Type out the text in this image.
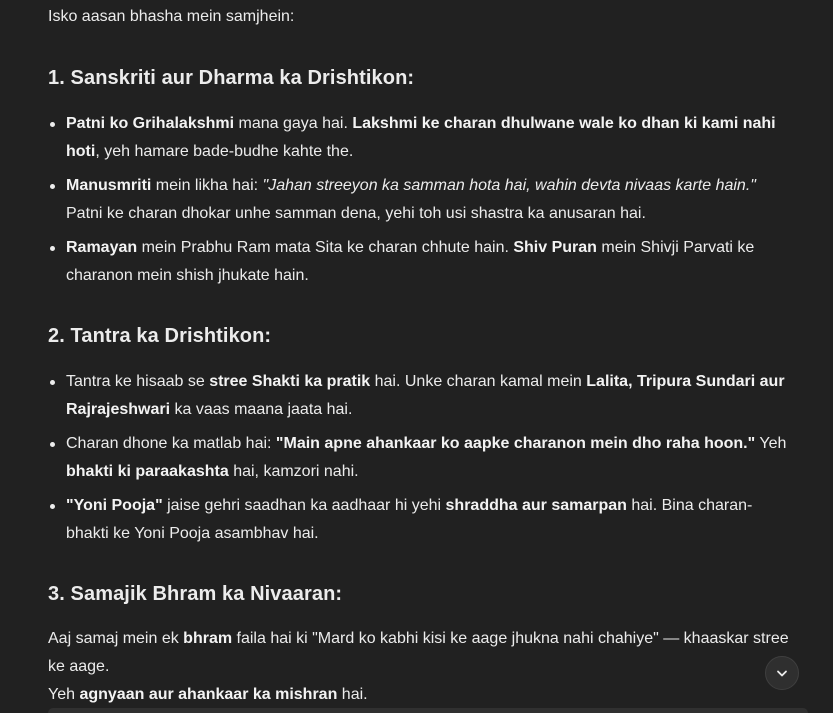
Isko aasan bhasha mein samjhein:

1. Sanskriti aur Dharma ka Drishtikon:
Patni ko Grihalakshmi mana gaya hai. Lakshmi ke charan dhulwane wale ko dhan ki kami nahi hoti, yeh hamare bade-budhe kahte the.
Manusmriti mein likha hai: "Jahan streeyon ka samman hota hai, wahin devta nivaas karte hain." Patni ke charan dhokar unhe samman dena, yehi toh usi shastra ka anusaran hai.
Ramayan mein Prabhu Ram mata Sita ke charan chhute hain. Shiv Puran mein Shivji Parvati ke charanon mein shish jhukate hain.
2. Tantra ka Drishtikon:
Tantra ke hisaab se stree Shakti ka pratik hai. Unke charan kamal mein Lalita, Tripura Sundari aur Rajrajeshwari ka vaas maana jaata hai.
Charan dhone ka matlab hai: "Main apne ahankaar ko aapke charanon mein dho raha hoon." Yeh bhakti ki paraakashta hai, kamzori nahi.
"Yoni Pooja" jaise gehri saadhan ka aadhaar hi yehi shraddha aur samarpan hai. Bina charan-bhakti ke Yoni Pooja asambhav hai.
3. Samajik Bhram ka Nivaaran:

Aaj samaj mein ek bhram faila hai ki "Mard ko kabhi kisi ke aage jhukna nahi chahiye" — khaaskar stree ke aage.

Yeh agnyaan aur ahankaar ka mishran hai.
